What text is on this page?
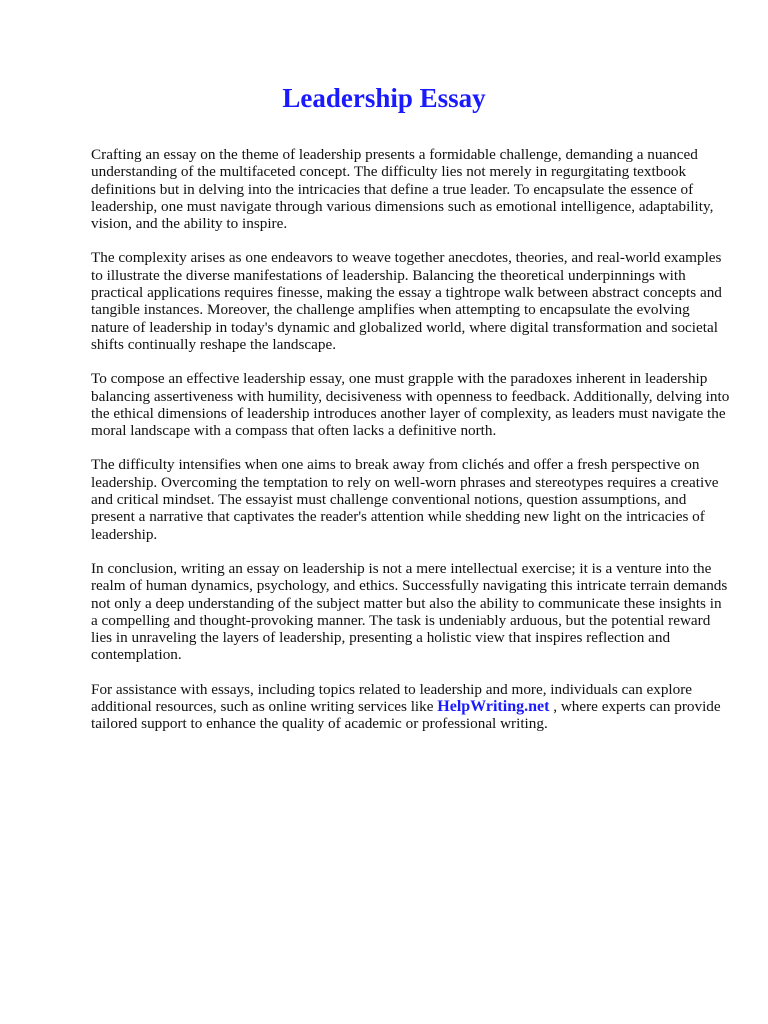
Leadership Essay

Crafting an essay on the theme of leadership presents a formidable challenge, demanding a nuanced understanding of the multifaceted concept. The difficulty lies not merely in regurgitating textbook definitions but in delving into the intricacies that define a true leader. To encapsulate the essence of leadership, one must navigate through various dimensions such as emotional intelligence, adaptability, vision, and the ability to inspire.

The complexity arises as one endeavors to weave together anecdotes, theories, and real-world examples to illustrate the diverse manifestations of leadership. Balancing the theoretical underpinnings with practical applications requires finesse, making the essay a tightrope walk between abstract concepts and tangible instances. Moreover, the challenge amplifies when attempting to encapsulate the evolving nature of leadership in today's dynamic and globalized world, where digital transformation and societal shifts continually reshape the landscape.

To compose an effective leadership essay, one must grapple with the paradoxes inherent in leadership  balancing assertiveness with humility, decisiveness with openness to feedback. Additionally, delving into the ethical dimensions of leadership introduces another layer of complexity, as leaders must navigate the moral landscape with a compass that often lacks a definitive north.

The difficulty intensifies when one aims to break away from clichés and offer a fresh perspective on leadership. Overcoming the temptation to rely on well-worn phrases and stereotypes requires a creative and critical mindset. The essayist must challenge conventional notions, question assumptions, and present a narrative that captivates the reader's attention while shedding new light on the intricacies of leadership.

In conclusion, writing an essay on leadership is not a mere intellectual exercise; it is a venture into the realm of human dynamics, psychology, and ethics. Successfully navigating this intricate terrain demands not only a deep understanding of the subject matter but also the ability to communicate these insights in a compelling and thought-provoking manner. The task is undeniably arduous, but the potential reward lies in unraveling the layers of leadership, presenting a holistic view that inspires reflection and contemplation.

For assistance with essays, including topics related to leadership and more, individuals can explore additional resources, such as online writing services like HelpWriting.net , where experts can provide tailored support to enhance the quality of academic or professional writing.
